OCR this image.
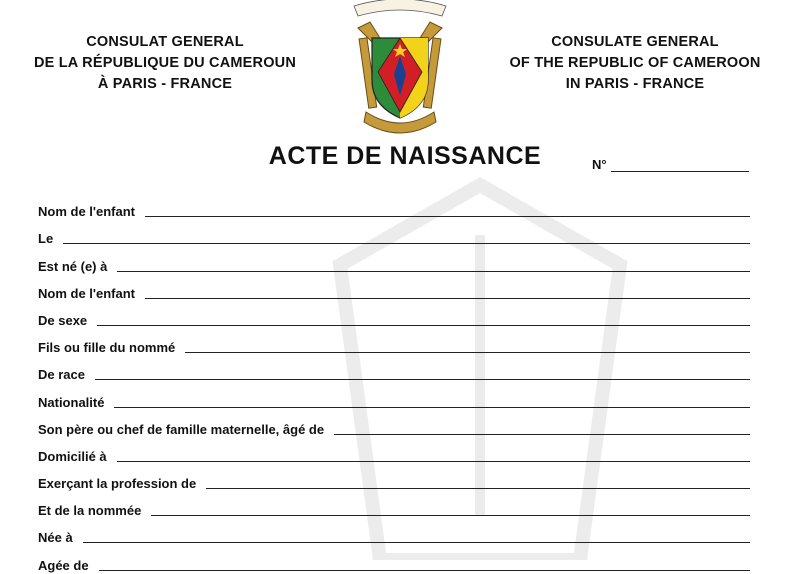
CONSULAT GENERAL
DE LA RÉPUBLIQUE DU CAMEROUN
À PARIS - FRANCE
CONSULATE GENERAL
OF THE REPUBLIC OF CAMEROON
IN PARIS - FRANCE
ACTE DE NAISSANCE	N°
Nom de l'enfant
Le
Est né (e) à
Nom de l'enfant
De sexe
Fils ou fille du nommé
De race
Nationalité
Son père ou chef de famille maternelle, âgé de
Domicilié à
Exerçant la profession de
Et de la nommée
Née à
Agée de
